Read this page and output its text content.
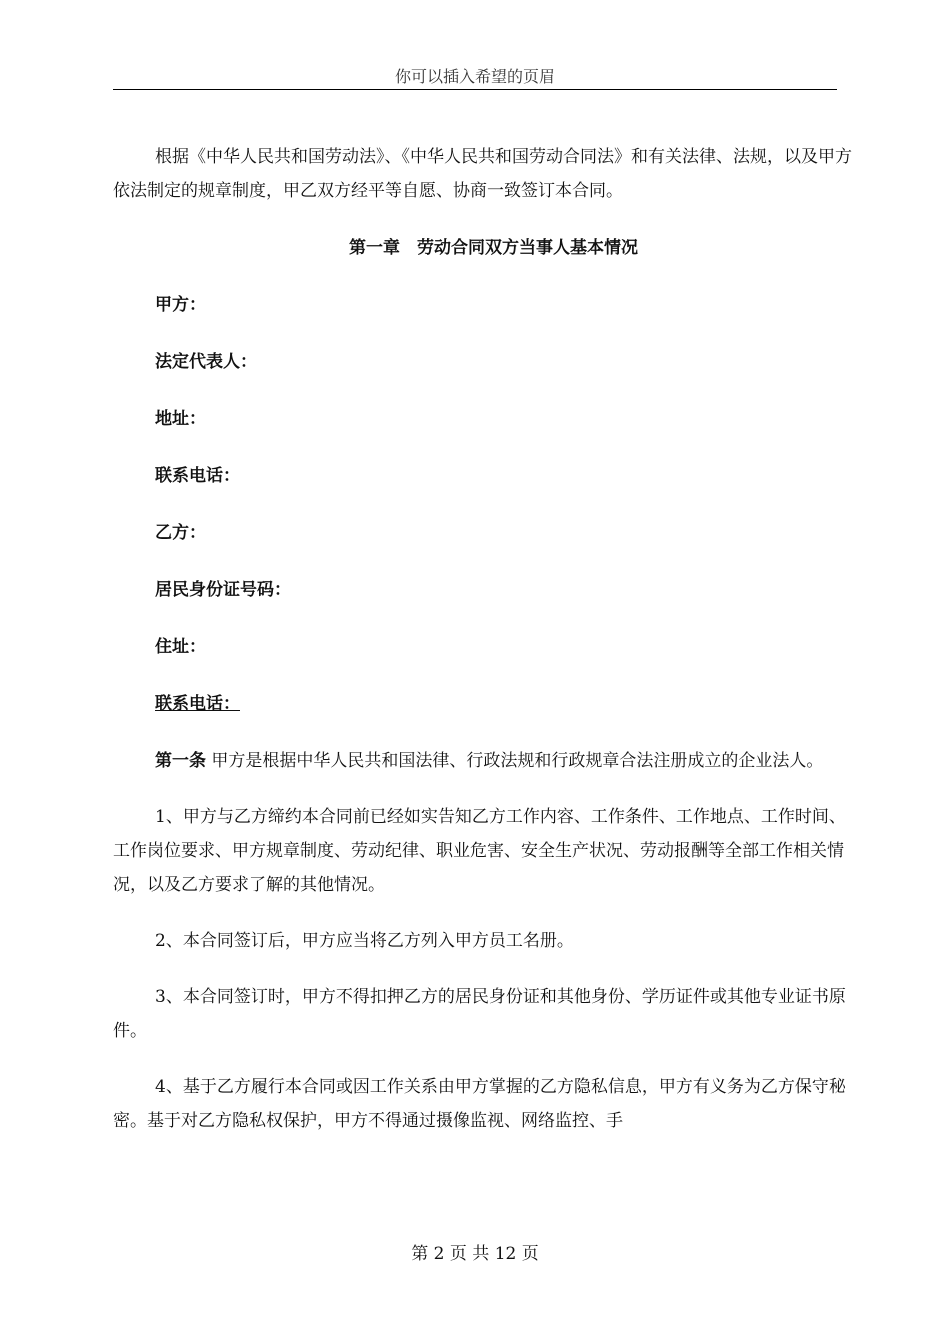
你可以插入希望的页眉

根据《中华人民共和国劳动法》、《中华人民共和国劳动合同法》和有关法律、法规，以及甲方依法制定的规章制度，甲乙双方经平等自愿、协商一致签订本合同。

第一章　劳动合同双方当事人基本情况

甲方：

法定代表人：

地址：

联系电话：

乙方：

居民身份证号码：

住址：

联系电话：

第一条 甲方是根据中华人民共和国法律、行政法规和行政规章合法注册成立的企业法人。

1、甲方与乙方缔约本合同前已经如实告知乙方工作内容、工作条件、工作地点、工作时间、工作岗位要求、甲方规章制度、劳动纪律、职业危害、安全生产状况、劳动报酬等全部工作相关情况，以及乙方要求了解的其他情况。

2、本合同签订后，甲方应当将乙方列入甲方员工名册。

3、本合同签订时，甲方不得扣押乙方的居民身份证和其他身份、学历证件或其他专业证书原件。

4、基于乙方履行本合同或因工作关系由甲方掌握的乙方隐私信息，甲方有义务为乙方保守秘密。基于对乙方隐私权保护，甲方不得通过摄像监视、网络监控、手

第 2 页 共 12 页
